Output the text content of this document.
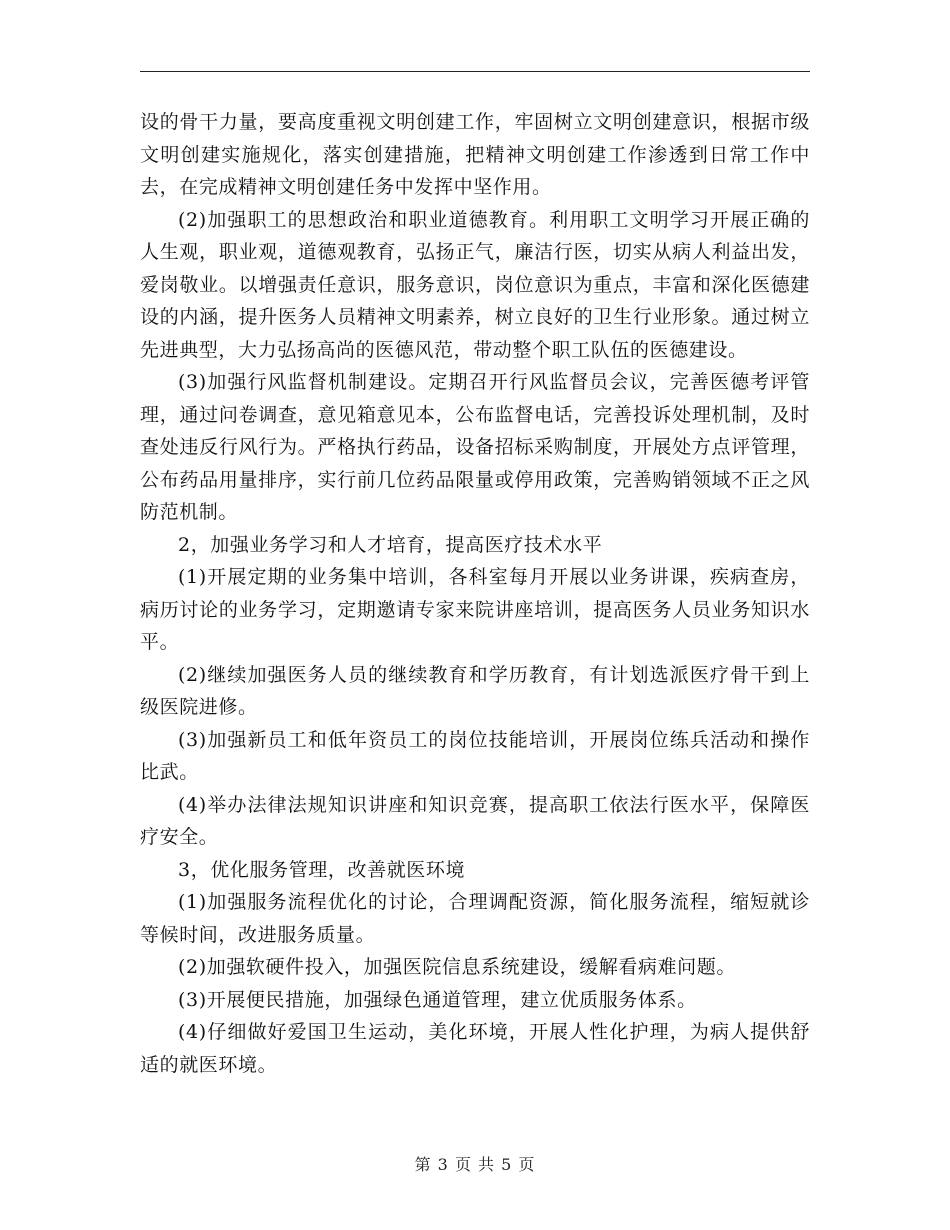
设的骨干力量，要高度重视文明创建工作，牢固树立文明创建意识，根据市级文明创建实施规化，落实创建措施，把精神文明创建工作渗透到日常工作中去，在完成精神文明创建任务中发挥中坚作用。

(2)加强职工的思想政治和职业道德教育。利用职工文明学习开展正确的人生观，职业观，道德观教育，弘扬正气，廉洁行医，切实从病人利益出发，爱岗敬业。以增强责任意识，服务意识，岗位意识为重点，丰富和深化医德建设的内涵，提升医务人员精神文明素养，树立良好的卫生行业形象。通过树立先进典型，大力弘扬高尚的医德风范，带动整个职工队伍的医德建设。

(3)加强行风监督机制建设。定期召开行风监督员会议，完善医德考评管理，通过问卷调查，意见箱意见本，公布监督电话，完善投诉处理机制，及时查处违反行风行为。严格执行药品，设备招标采购制度，开展处方点评管理，公布药品用量排序，实行前几位药品限量或停用政策，完善购销领域不正之风防范机制。

2，加强业务学习和人才培育，提高医疗技术水平

(1)开展定期的业务集中培训，各科室每月开展以业务讲课，疾病查房，病历讨论的业务学习，定期邀请专家来院讲座培训，提高医务人员业务知识水平。

(2)继续加强医务人员的继续教育和学历教育，有计划选派医疗骨干到上级医院进修。

(3)加强新员工和低年资员工的岗位技能培训，开展岗位练兵活动和操作比武。

(4)举办法律法规知识讲座和知识竞赛，提高职工依法行医水平，保障医疗安全。

3，优化服务管理，改善就医环境

(1)加强服务流程优化的讨论，合理调配资源，简化服务流程，缩短就诊等候时间，改进服务质量。

(2)加强软硬件投入，加强医院信息系统建设，缓解看病难问题。

(3)开展便民措施，加强绿色通道管理，建立优质服务体系。

(4)仔细做好爱国卫生运动，美化环境，开展人性化护理，为病人提供舒适的就医环境。

第 3 页 共 5 页
